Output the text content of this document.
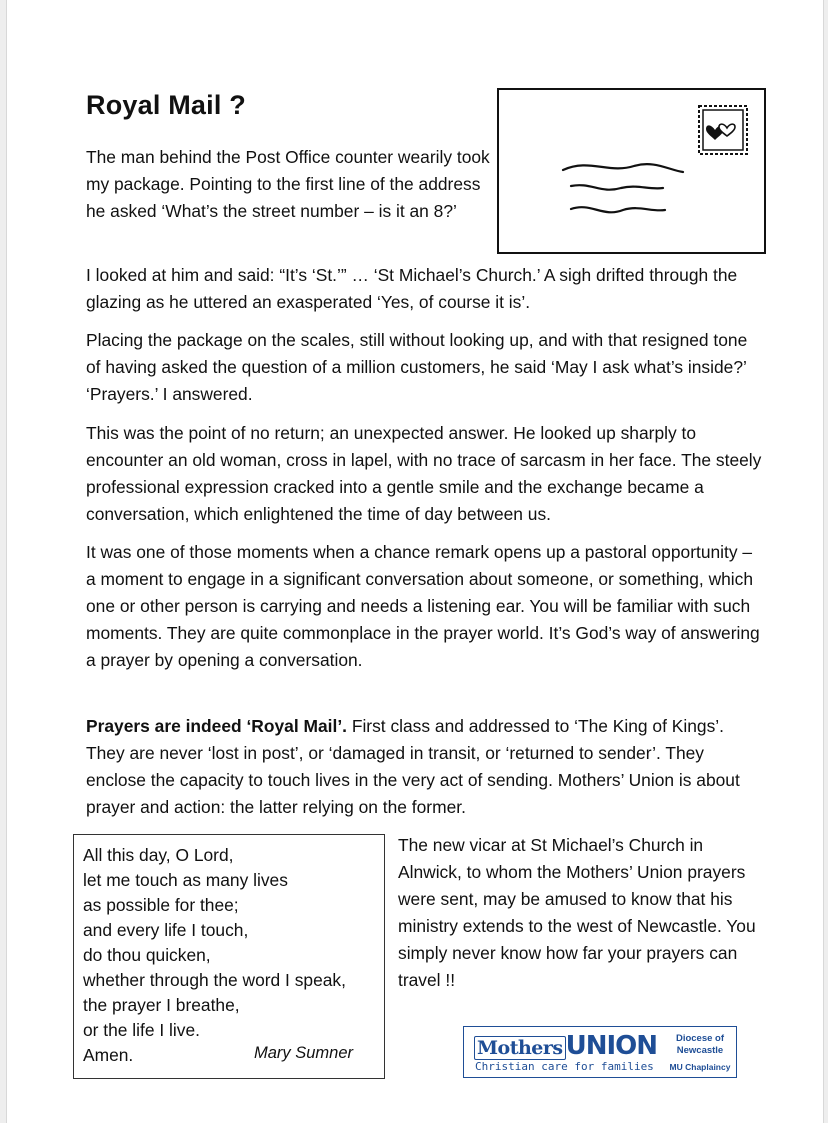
Royal Mail ?

The man behind the Post Office counter wearily took my package. Pointing to the first line of the address he asked ‘What’s the street number – is it an 8?’

I looked at him and said: “It’s ‘St.’” … ‘St Michael’s Church.’ A sigh drifted through the glazing as he uttered an exasperated ‘Yes, of course it is’.

Placing the package on the scales, still without looking up, and with that resigned tone of having asked the question of a million customers, he said ‘May I ask what’s inside?’ ‘Prayers.’ I answered.

This was the point of no return; an unexpected answer. He looked up sharply to encounter an old woman, cross in lapel, with no trace of sarcasm in her face. The steely professional expression cracked into a gentle smile and the exchange became a conversation, which enlightened the time of day between us.

It was one of those moments when a chance remark opens up a pastoral opportunity – a moment to engage in a significant conversation about someone, or something, which one or other person is carrying and needs a listening ear. You will be familiar with such moments. They are quite commonplace in the prayer world. It’s God’s way of answering a prayer by opening a conversation.

Prayers are indeed ‘Royal Mail’. First class and addressed to ‘The King of Kings’. They are never ‘lost in post’, or ‘damaged in transit, or ‘returned to sender’. They enclose the capacity to touch lives in the very act of sending. Mothers’ Union is about prayer and action: the latter relying on the former.

All this day, O Lord,
let me touch as many lives
as possible for thee;
and every life I touch,
do thou quicken,
whether through the word I speak,
the prayer I breathe,
or the life I live.
Amen.	Mary Sumner

The new vicar at St Michael’s Church in Alnwick, to whom the Mothers’ Union prayers were sent, may be amused to know that his ministry extends to the west of Newcastle. You simply never know how far your prayers can travel !!

Mothers UNION
Christian care for families
Diocese of
Newcastle
MU Chaplaincy
